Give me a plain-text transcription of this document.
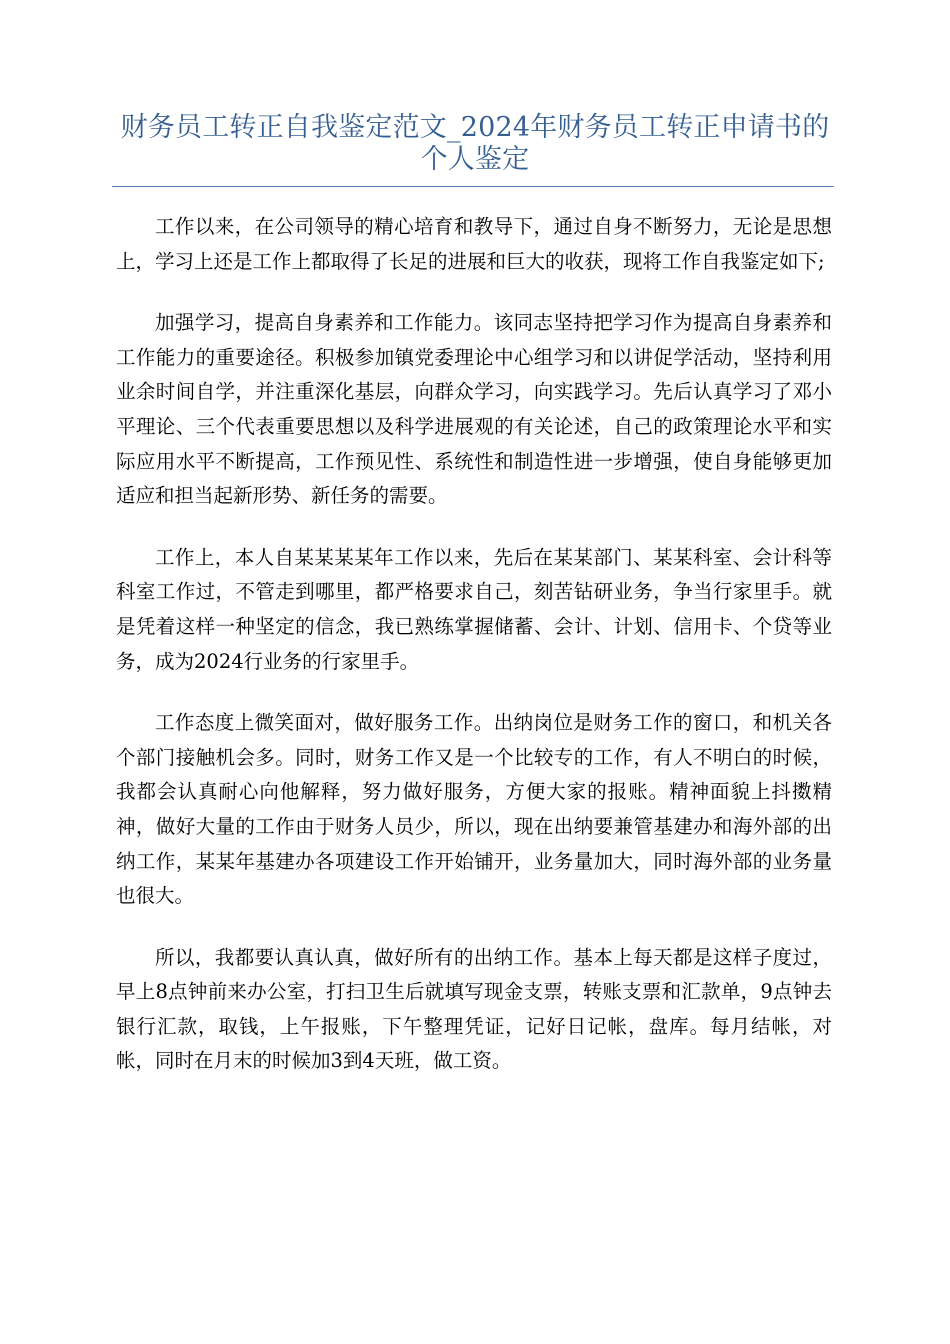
财务员工转正自我鉴定范文_2024年财务员工转正申请书的个人鉴定

工作以来，在公司领导的精心培育和教导下，通过自身不断努力，无论是思想上，学习上还是工作上都取得了长足的进展和巨大的收获，现将工作自我鉴定如下;

加强学习，提高自身素养和工作能力。该同志坚持把学习作为提高自身素养和工作能力的重要途径。积极参加镇党委理论中心组学习和以讲促学活动，坚持利用业余时间自学，并注重深化基层，向群众学习，向实践学习。先后认真学习了邓小平理论、三个代表重要思想以及科学进展观的有关论述，自己的政策理论水平和实际应用水平不断提高，工作预见性、系统性和制造性进一步增强，使自身能够更加适应和担当起新形势、新任务的需要。

工作上，本人自某某某某年工作以来，先后在某某部门、某某科室、会计科等科室工作过，不管走到哪里，都严格要求自己，刻苦钻研业务，争当行家里手。就是凭着这样一种坚定的信念，我已熟练掌握储蓄、会计、计划、信用卡、个贷等业务，成为2024行业务的行家里手。

工作态度上微笑面对，做好服务工作。出纳岗位是财务工作的窗口，和机关各个部门接触机会多。同时，财务工作又是一个比较专的工作，有人不明白的时候，我都会认真耐心向他解释，努力做好服务，方便大家的报账。精神面貌上抖擞精神，做好大量的工作由于财务人员少，所以，现在出纳要兼管基建办和海外部的出纳工作，某某年基建办各项建设工作开始铺开，业务量加大，同时海外部的业务量也很大。

所以，我都要认真认真，做好所有的出纳工作。基本上每天都是这样子度过，早上8点钟前来办公室，打扫卫生后就填写现金支票，转账支票和汇款单，9点钟去银行汇款，取钱，上午报账，下午整理凭证，记好日记帐，盘库。每月结帐，对帐，同时在月末的时候加3到4天班，做工资。
